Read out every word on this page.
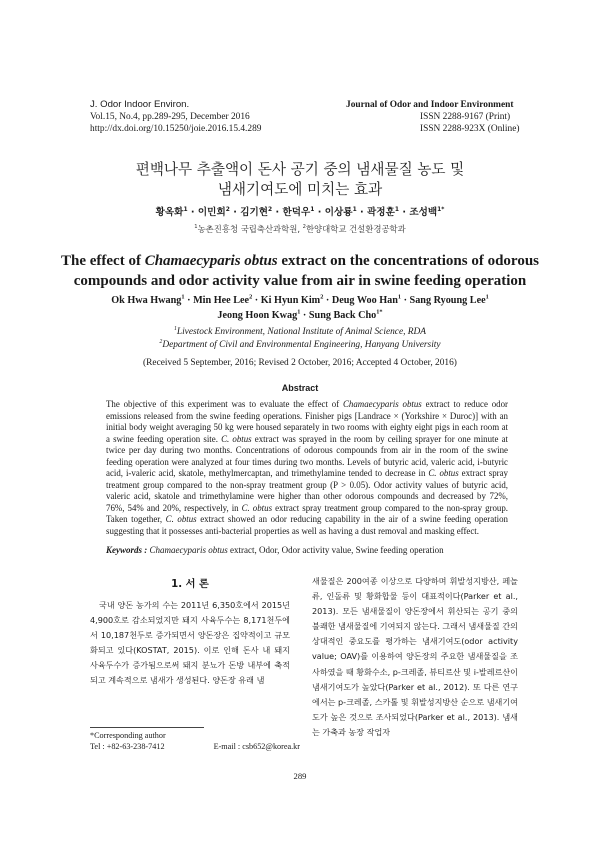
J. Odor Indoor Environ.
Vol.15, No.4, pp.289-295, December 2016
http://dx.doi.org/10.15250/joie.2016.15.4.289
Journal of Odor and Indoor Environment
ISSN 2288-9167 (Print)
ISSN 2288-923X (Online)
편백나무 추출액이 돈사 공기 중의 냄새물질 농도 및
냄새기여도에 미치는 효과
황옥화$^1$ · 이민희$^2$ · 김기현$^2$ · 한덕우$^1$ · 이상룡$^1$ · 곽정훈$^1$ · 조성백$^{1*}$
$^1$농촌진흥청 국립축산과학원, $^2$한양대학교 건설환경공학과
The effect of Chamaecyparis obtus extract on the concentrations of odorous compounds and odor activity value from air in swine feeding operation
Ok Hwa Hwang$^1$ · Min Hee Lee$^2$ · Ki Hyun Kim$^2$ · Deug Woo Han$^1$ · Sang Ryoung Lee$^1$
Jeong Hoon Kwag$^1$ · Sung Back Cho$^{1*}$
$^1$Livestock Environment, National Institute of Animal Science, RDA
$^2$Department of Civil and Environmental Engineering, Hanyang University
(Received 5 September, 2016; Revised 2 October, 2016; Accepted 4 October, 2016)
Abstract
The objective of this experiment was to evaluate the effect of Chamaecyparis obtus extract to reduce odor emissions released from the swine feeding operations. Finisher pigs [Landrace × (Yorkshire × Duroc)] with an initial body weight averaging 50 kg were housed separately in two rooms with eighty eight pigs in each room at a swine feeding operation site. C. obtus extract was sprayed in the room by ceiling sprayer for one minute at twice per day during two months. Concentrations of odorous compounds from air in the room of the swine feeding operation were analyzed at four times during two months. Levels of butyric acid, valeric acid, i-butyric acid, i-valeric acid, skatole, methylmercaptan, and trimethylamine tended to decrease in C. obtus extract spray treatment group compared to the non-spray treatment group (P > 0.05). Odor activity values of butyric acid, valeric acid, skatole and trimethylamine were higher than other odorous compounds and decreased by 72%, 76%, 54% and 20%, respectively, in C. obtus extract spray treatment group compared to the non-spray group. Taken together, C. obtus extract showed an odor reducing capability in the air of a swine feeding operation suggesting that it possesses anti-bacterial properties as well as having a dust removal and masking effect.
Keywords : Chamaecyparis obtus extract, Odor, Odor activity value, Swine feeding operation
1. 서 론

국내 양돈 농가의 수는 2011년 6,350호에서 2015년 4,900호로 감소되었지만 돼지 사육두수는 8,171천두에서 10,187천두로 증가되면서 양돈장은 집약적이고 규모화되고 있다(KOSTAT, 2015). 이로 인해 돈사 내 돼지 사육두수가 증가됨으로써 돼지 분뇨가 돈방 내부에 축적되고 계속적으로 냄새가 생성된다. 양돈장 유래 냄

새물질은 200여종 이상으로 다양하며 휘발성지방산, 페놀류, 인돌류 및 황화합물 등이 대표적이다(Parker et al., 2013). 모든 냄새물질이 양돈장에서 휘산되는 공기 중의 불쾌한 냄새물질에 기여되지 않는다. 그래서 냄새물질 간의 상대적인 중요도를 평가하는 냄새기여도(odor activity value; OAV)를 이용하여 양돈장의 주요한 냄새물질을 조사하였을 때 황화수소, p-크레졸, 뷰티르산 및 i-발레르산이 냄새기여도가 높았다(Parker et al., 2012). 또 다른 연구에서는 p-크레졸, 스카톨 및 휘발성지방산 순으로 냄새기여도가 높은 것으로 조사되었다(Parker et al., 2013). 냄새는 가축과 농장 작업자

*Corresponding author
Tel : +82-63-238-7412	E-mail : csb652@korea.kr
289
